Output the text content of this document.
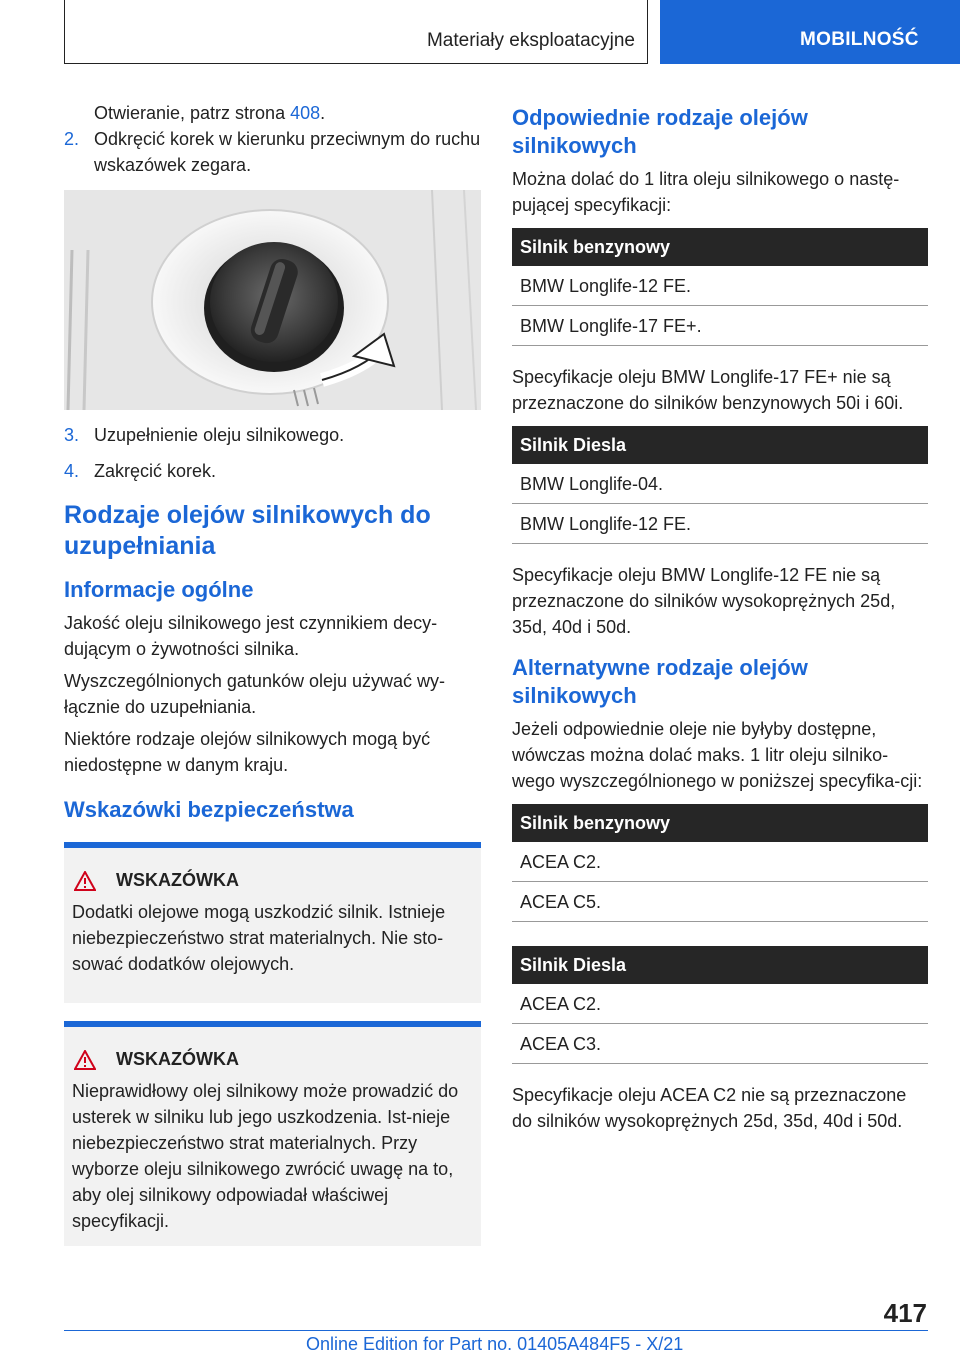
Materiały eksploatacyjne	MOBILNOŚĆ
Otwieranie, patrz strona 408.
2. Odkręcić korek w kierunku przeciwnym do ruchu wskazówek zegara.
3. Uzupełnienie oleju silnikowego.
4. Zakręcić korek.
Rodzaje olejów silnikowych do uzupełniania
Informacje ogólne

Jakość oleju silnikowego jest czynnikiem decy‐dującym o żywotności silnika.

Wyszczególnionych gatunków oleju używać wy‐łącznie do uzupełniania.

Niektóre rodzaje olejów silnikowych mogą być niedostępne w danym kraju.

Wskazówki bezpieczeństwa
WSKAZÓWKA

Dodatki olejowe mogą uszkodzić silnik. Istnieje niebezpieczeństwo strat materialnych. Nie sto‐sować dodatków olejowych.

WSKAZÓWKA

Nieprawidłowy olej silnikowy może prowadzić do usterek w silniku lub jego uszkodzenia. Ist‐nieje niebezpieczeństwo strat materialnych. Przy wyborze oleju silnikowego zwrócić uwagę na to, aby olej silnikowy odpowiadał właściwej specyfikacji.

Odpowiednie rodzaje olejów silnikowych

Można dolać do 1 litra oleju silnikowego o nastę‐pującej specyfikacji:

Silnik benzynowy
BMW Longlife-12 FE.
BMW Longlife-17 FE+.

Specyfikacje oleju BMW Longlife-17 FE+ nie są przeznaczone do silników benzynowych 50i i 60i.

Silnik Diesla
BMW Longlife-04.
BMW Longlife-12 FE.

Specyfikacje oleju BMW Longlife-12 FE nie są przeznaczone do silników wysokoprężnych 25d, 35d, 40d i 50d.

Alternatywne rodzaje olejów silnikowych

Jeżeli odpowiednie oleje nie byłyby dostępne, wówczas można dolać maks. 1 litr oleju silniko‐wego wyszczególnionego w poniższej specyfika‐cji:

Silnik benzynowy
ACEA C2.
ACEA C5.
Silnik Diesla
ACEA C2.
ACEA C3.

Specyfikacje oleju ACEA C2 nie są przeznaczone do silników wysokoprężnych 25d, 35d, 40d i 50d.

417
Online Edition for Part no. 01405A484F5 - X/21
